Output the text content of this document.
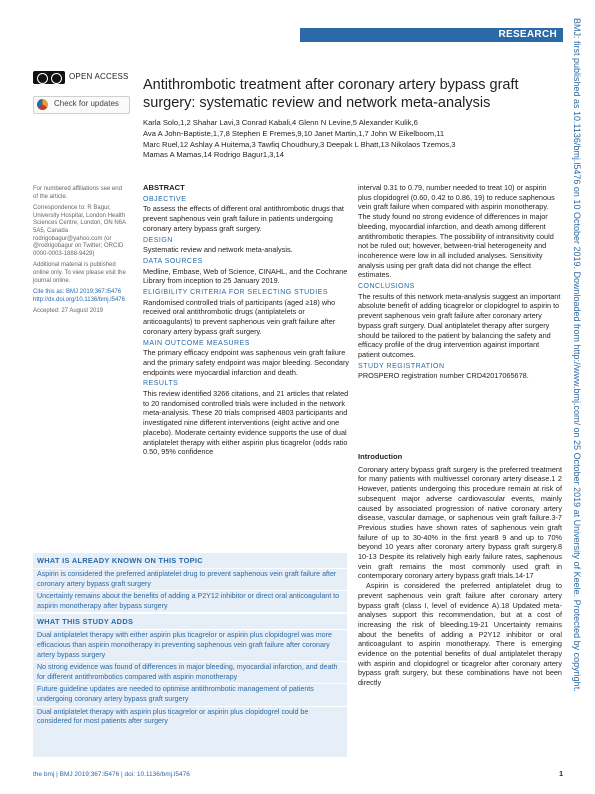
RESEARCH BMJ: first published as 10.1136/bmj.l5476 on 10 October 2019. Downloaded from http://www.bmj.com/ on 25 October 2019 at University of Keele. Protected by copyright.
OPEN ACCESS
Check for updates
Antithrombotic treatment after coronary artery bypass graft surgery: systematic review and network meta-analysis
Karla Solo,1,2 Shahar Lavi,3 Conrad Kabali,4 Glenn N Levine,5 Alexander Kulik,6
Ava A John-Baptiste,1,7,8 Stephen E Fremes,9,10 Janet Martin,1,7 John W Eikelboom,11
Marc Ruel,12 Ashlay A Huitema,3 Tawfiq Choudhury,3 Deepak L Bhatt,13 Nikolaos Tzemos,3
Mamas A Mamas,14 Rodrigo Bagur1,3,14

For numbered affiliations see end of the article.

Correspondence to: R Bagur, University Hospital, London Health Sciences Centre, London, ON N6A 5A5, Canada rodrigobagur@yahoo.com (or @rodrigobagur on Twitter; ORCID 0000-0003-1888-9429)

Additional material is published online only. To view please visit the journal online.

Cite this as: BMJ 2019;367:l5476

http://dx.doi.org/10.1136/bmj.l5476

Accepted: 27 August 2019

ABSTRACT
OBJECTIVE

To assess the effects of different oral antithrombotic drugs that prevent saphenous vein graft failure in patients undergoing coronary artery bypass graft surgery.

DESIGN

Systematic review and network meta-analysis.

DATA SOURCES

Medline, Embase, Web of Science, CINAHL, and the Cochrane Library from inception to 25 January 2019.

ELIGIBILITY CRITERIA FOR SELECTING STUDIES

Randomised controlled trials of participants (aged ≥18) who received oral antithrombotic drugs (antiplatelets or anticoagulants) to prevent saphenous vein graft failure after coronary artery bypass graft surgery.

MAIN OUTCOME MEASURES

The primary efficacy endpoint was saphenous vein graft failure and the primary safety endpoint was major bleeding. Secondary endpoints were myocardial infarction and death.

RESULTS

This review identified 3266 citations, and 21 articles that related to 20 randomised controlled trials were included in the network meta-analysis. These 20 trials comprised 4803 participants and investigated nine different interventions (eight active and one placebo). Moderate certainty evidence supports the use of dual antiplatelet therapy with either aspirin plus ticagrelor (odds ratio 0.50, 95% confidence

interval 0.31 to 0.79, number needed to treat 10) or aspirin plus clopidogrel (0.60, 0.42 to 0.86, 19) to reduce saphenous vein graft failure when compared with aspirin monotherapy. The study found no strong evidence of differences in major bleeding, myocardial infarction, and death among different antithrombotic therapies. The possibility of intransitivity could not be ruled out; however, between-trial heterogeneity and incoherence were low in all included analyses. Sensitivity analysis using per graft data did not change the effect estimates.

CONCLUSIONS

The results of this network meta-analysis suggest an important absolute benefit of adding ticagrelor or clopidogrel to aspirin to prevent saphenous vein graft failure after coronary artery bypass graft surgery. Dual antiplatelet therapy after surgery should be tailored to the patient by balancing the safety and efficacy profile of the drug intervention against important patient outcomes.

STUDY REGISTRATION

PROSPERO registration number CRD42017065678.

Introduction

Coronary artery bypass graft surgery is the preferred treatment for many patients with multivessel coronary artery disease.1 2 However, patients undergoing this procedure remain at risk of subsequent major adverse cardiovascular events, mainly caused by associated progression of native coronary artery disease, vascular damage, or saphenous vein graft failure.3-7 Previous studies have shown rates of saphenous vein graft failure of up to 30-40% in the first year8 9 and up to 70% beyond 10 years after coronary artery bypass graft surgery.8 10-13 Despite its relatively high early failure rates, saphenous vein graft remains the most commonly used graft in contemporary coronary artery bypass graft trials.14-17

Aspirin is considered the preferred antiplatelet drug to prevent saphenous vein graft failure after coronary artery bypass graft (class I, level of evidence A).18 Updated meta-analyses support this recommendation, but at a cost of increasing the risk of bleeding.19-21 Uncertainty remains about the benefits of adding a P2Y12 inhibitor or oral anticoagulant to aspirin monotherapy. There is emerging evidence on the potential benefits of dual antiplatelet therapy with aspirin and clopidogrel or ticagrelor after coronary artery bypass graft surgery, but these combinations have not been directly

WHAT IS ALREADY KNOWN ON THIS TOPIC
Aspirin is considered the preferred antiplatelet drug to prevent saphenous vein graft failure after coronary artery bypass graft surgery
Uncertainty remains about the benefits of adding a P2Y12 inhibitor or direct oral anticoagulant to aspirin monotherapy after bypass surgery
WHAT THIS STUDY ADDS
Dual antiplatelet therapy with either aspirin plus ticagrelor or aspirin plus clopidogrel was more efficacious than aspirin monotherapy in preventing saphenous vein graft failure after coronary artery bypass surgery
No strong evidence was found of differences in major bleeding, myocardial infarction, and death for different antithrombotics compared with aspirin monotherapy
Future guideline updates are needed to optimise antithrombotic management of patients undergoing coronary artery bypass graft surgery
Dual antiplatelet therapy with aspirin plus ticagrelor or aspirin plus clopidogrel could be considered for most patients after surgery
the bmj | BMJ 2019;367:l5476 | doi: 10.1136/bmj.l5476	1
